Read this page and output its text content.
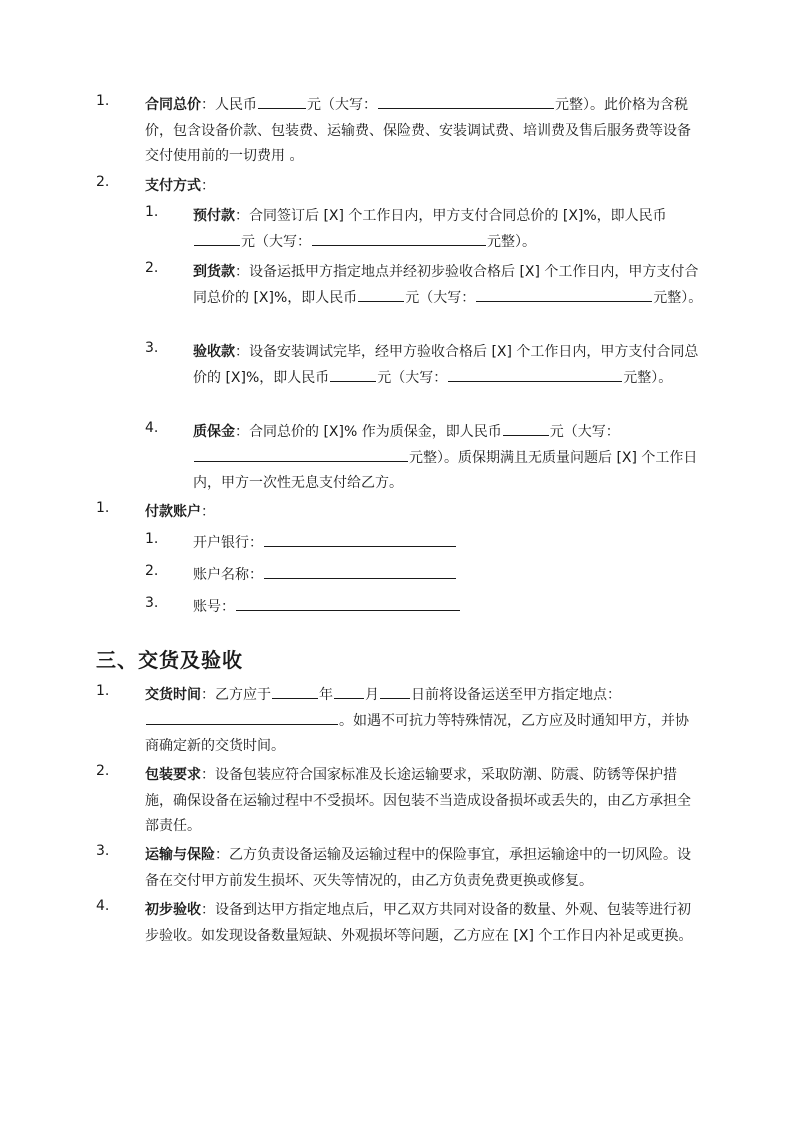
1.	合同总价：人民币	元（大写：	元整）。此价格为含税价，包含设备价款、包装费、运输费、保险费、安装调试费、培训费及售后服务费等设备交付使用前的一切费用 。
2.	支付方式：
1. 预付款：合同签订后 [X] 个工作日内，甲方支付合同总价的 [X]%，即人民币元（大写：	元整）。
2. 到货款：设备运抵甲方指定地点并经初步验收合格后 [X] 个工作日内，甲方支付合同总价的 [X]%，即人民币	元（大写：	元整）。
3. 验收款：设备安装调试完毕，经甲方验收合格后 [X] 个工作日内，甲方支付合同总价的 [X]%，即人民币	元（大写：	元整）。
4. 质保金：合同总价的 [X]% 作为质保金，即人民币	元（大写：元整）。质保期满且无质量问题后 [X] 个工作日内，甲方一次性无息支付给乙方。
1.	付款账户：
1. 开户银行：
2. 账户名称：
3. 账号：
三、交货及验收
1.	交货时间：乙方应于	年 月 日前将设备运送至甲方指定地点：。如遇不可抗力等特殊情况，乙方应及时通知甲方，并协商确定新的交货时间。
2.	包装要求：设备包装应符合国家标准及长途运输要求，采取防潮、防震、防锈等保护措施，确保设备在运输过程中不受损坏。因包装不当造成设备损坏或丢失的，由乙方承担全部责任。
3.	运输与保险：乙方负责设备运输及运输过程中的保险事宜，承担运输途中的一切风险。设备在交付甲方前发生损坏、灭失等情况的，由乙方负责免费更换或修复。
4.	初步验收：设备到达甲方指定地点后，甲乙双方共同对设备的数量、外观、包装等进行初步验收。如发现设备数量短缺、外观损坏等问题，乙方应在 [X] 个工作日内补足或更换。
